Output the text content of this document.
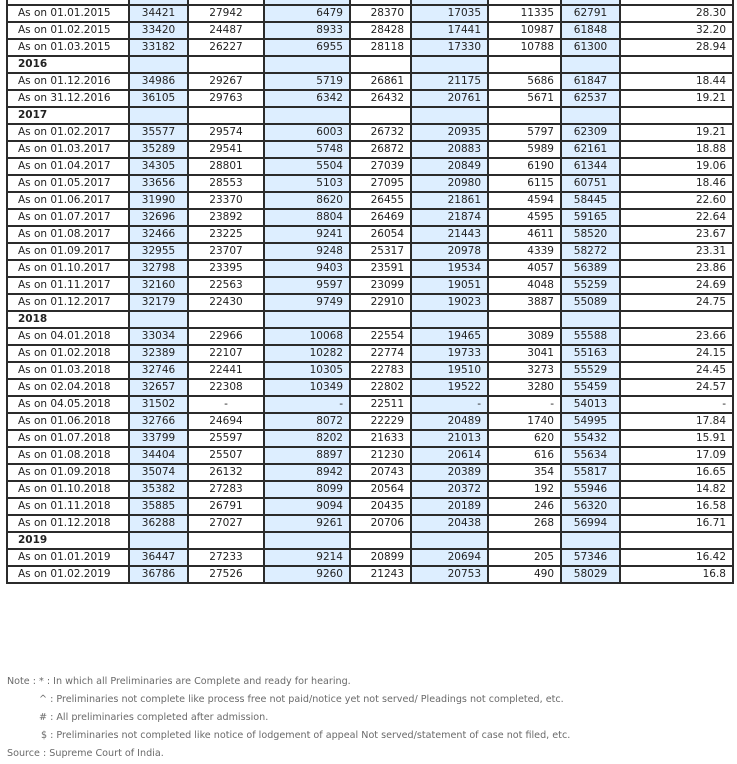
As on 01.01.2015	34421	27942	6479	28370	17035	11335	62791	28.30
As on 01.02.2015	33420	24487	8933	28428	17441	10987	61848	32.20
As on 01.03.2015	33182	26227	6955	28118	17330	10788	61300	28.94
2016								
As on 01.12.2016	34986	29267	5719	26861	21175	5686	61847	18.44
As on 31.12.2016	36105	29763	6342	26432	20761	5671	62537	19.21
2017								
As on 01.02.2017	35577	29574	6003	26732	20935	5797	62309	19.21
As on 01.03.2017	35289	29541	5748	26872	20883	5989	62161	18.88
As on 01.04.2017	34305	28801	5504	27039	20849	6190	61344	19.06
As on 01.05.2017	33656	28553	5103	27095	20980	6115	60751	18.46
As on 01.06.2017	31990	23370	8620	26455	21861	4594	58445	22.60
As on 01.07.2017	32696	23892	8804	26469	21874	4595	59165	22.64
As on 01.08.2017	32466	23225	9241	26054	21443	4611	58520	23.67
As on 01.09.2017	32955	23707	9248	25317	20978	4339	58272	23.31
As on 01.10.2017	32798	23395	9403	23591	19534	4057	56389	23.86
As on 01.11.2017	32160	22563	9597	23099	19051	4048	55259	24.69
As on 01.12.2017	32179	22430	9749	22910	19023	3887	55089	24.75
2018								
As on 04.01.2018	33034	22966	10068	22554	19465	3089	55588	23.66
As on 01.02.2018	32389	22107	10282	22774	19733	3041	55163	24.15
As on 01.03.2018	32746	22441	10305	22783	19510	3273	55529	24.45
As on 02.04.2018	32657	22308	10349	22802	19522	3280	55459	24.57
As on 04.05.2018	31502	-	-	22511	-	-	54013	-
As on 01.06.2018	32766	24694	8072	22229	20489	1740	54995	17.84
As on 01.07.2018	33799	25597	8202	21633	21013	620	55432	15.91
As on 01.08.2018	34404	25507	8897	21230	20614	616	55634	17.09
As on 01.09.2018	35074	26132	8942	20743	20389	354	55817	16.65
As on 01.10.2018	35382	27283	8099	20564	20372	192	55946	14.82
As on 01.11.2018	35885	26791	9094	20435	20189	246	56320	16.58
As on 01.12.2018	36288	27027	9261	20706	20438	268	56994	16.71
2019								
As on 01.01.2019	36447	27233	9214	20899	20694	205	57346	16.42
As on 01.02.2019	36786	27526	9260	21243	20753	490	58029	16.8
Note : * : In which all Preliminaries are Complete and ready for hearing.
^ : Preliminaries not complete like process free not paid/notice yet not served/ Pleadings not completed, etc.
# : All preliminaries completed after admission.
$ : Preliminaries not completed like notice of lodgement of appeal Not served/statement of case not filed, etc.
Source : Supreme Court of India.
